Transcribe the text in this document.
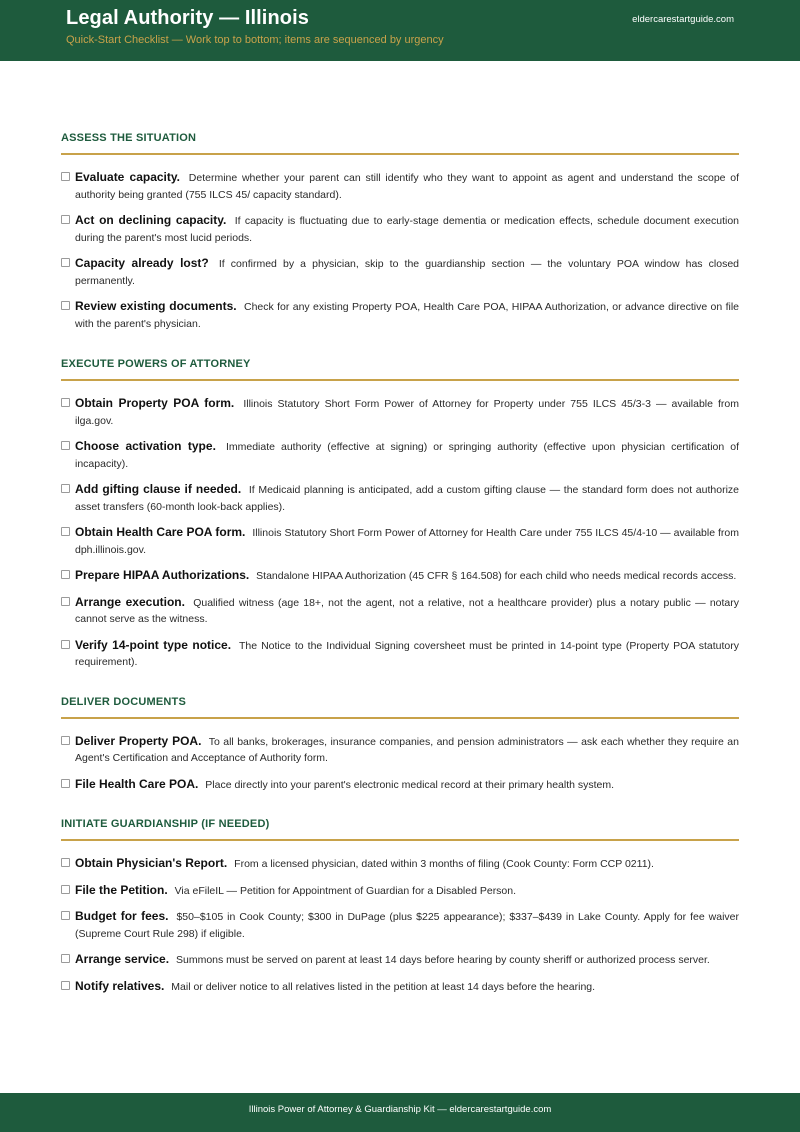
Legal Authority — Illinois
Quick-Start Checklist — Work top to bottom; items are sequenced by urgency
eldercarestartguide.com
ASSESS THE SITUATION
Evaluate capacity. Determine whether your parent can still identify who they want to appoint as agent and understand the scope of authority being granted (755 ILCS 45/ capacity standard).
Act on declining capacity. If capacity is fluctuating due to early-stage dementia or medication effects, schedule document execution during the parent's most lucid periods.
Capacity already lost? If confirmed by a physician, skip to the guardianship section — the voluntary POA window has closed permanently.
Review existing documents. Check for any existing Property POA, Health Care POA, HIPAA Authorization, or advance directive on file with the parent's physician.
EXECUTE POWERS OF ATTORNEY
Obtain Property POA form. Illinois Statutory Short Form Power of Attorney for Property under 755 ILCS 45/3-3 — available from ilga.gov.
Choose activation type. Immediate authority (effective at signing) or springing authority (effective upon physician certification of incapacity).
Add gifting clause if needed. If Medicaid planning is anticipated, add a custom gifting clause — the standard form does not authorize asset transfers (60-month look-back applies).
Obtain Health Care POA form. Illinois Statutory Short Form Power of Attorney for Health Care under 755 ILCS 45/4-10 — available from dph.illinois.gov.
Prepare HIPAA Authorizations. Standalone HIPAA Authorization (45 CFR § 164.508) for each child who needs medical records access.
Arrange execution. Qualified witness (age 18+, not the agent, not a relative, not a healthcare provider) plus a notary public — notary cannot serve as the witness.
Verify 14-point type notice. The Notice to the Individual Signing coversheet must be printed in 14-point type (Property POA statutory requirement).
DELIVER DOCUMENTS
Deliver Property POA. To all banks, brokerages, insurance companies, and pension administrators — ask each whether they require an Agent's Certification and Acceptance of Authority form.
File Health Care POA. Place directly into your parent's electronic medical record at their primary health system.
INITIATE GUARDIANSHIP (IF NEEDED)
Obtain Physician's Report. From a licensed physician, dated within 3 months of filing (Cook County: Form CCP 0211).
File the Petition. Via eFileIL — Petition for Appointment of Guardian for a Disabled Person.
Budget for fees. $50–$105 in Cook County; $300 in DuPage (plus $225 appearance); $337–$439 in Lake County. Apply for fee waiver (Supreme Court Rule 298) if eligible.
Arrange service. Summons must be served on parent at least 14 days before hearing by county sheriff or authorized process server.
Notify relatives. Mail or deliver notice to all relatives listed in the petition at least 14 days before the hearing.
Illinois Power of Attorney & Guardianship Kit — eldercarestartguide.com
